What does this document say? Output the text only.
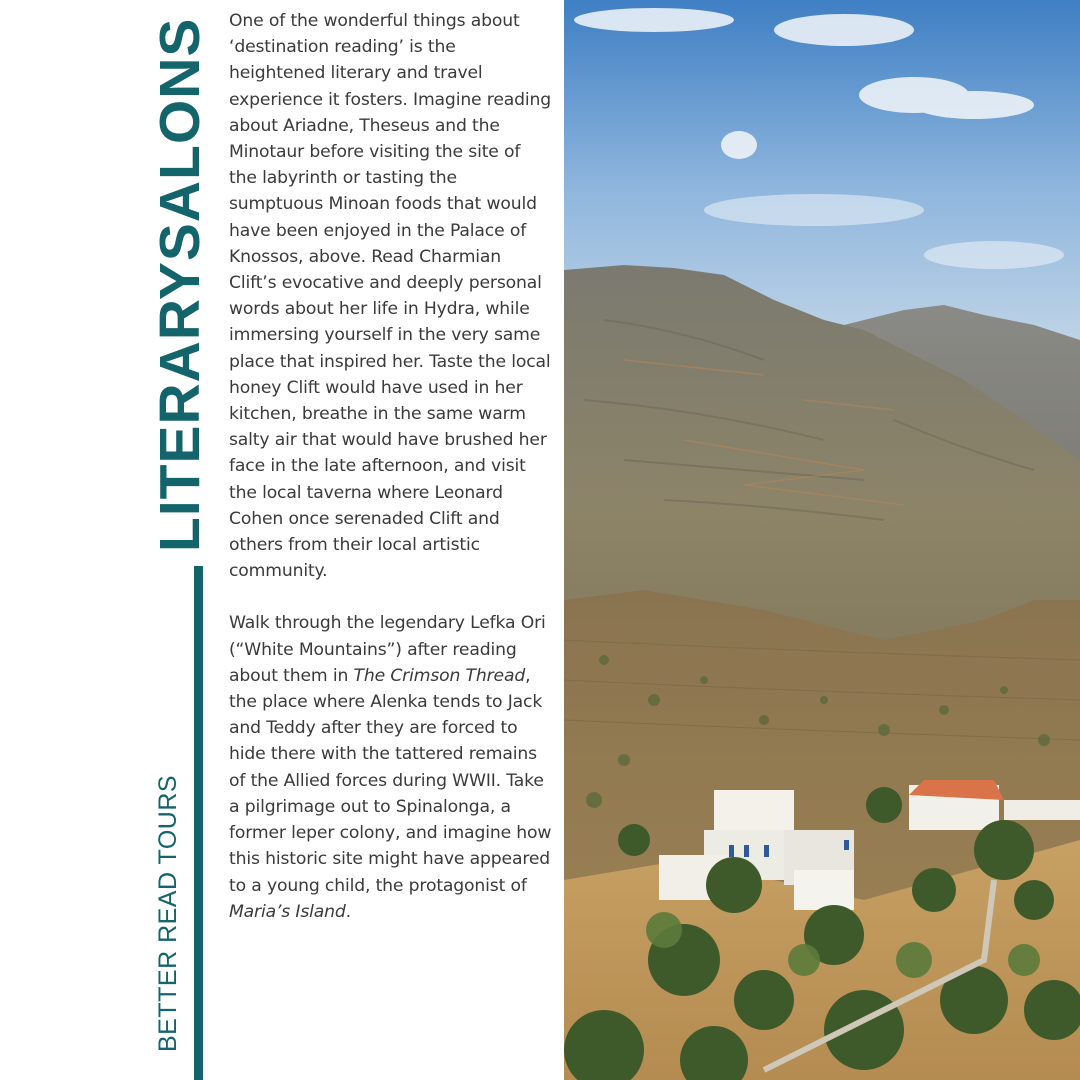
LITERARYSALONS
BETTER READ TOURS

One of the wonderful things about ‘destination reading’ is the heightened literary and travel experience it fosters. Imagine reading about Ariadne, Theseus and the Minotaur before visiting the site of the labyrinth or tasting the sumptuous Minoan foods that would have been enjoyed in the Palace of Knossos, above. Read Charmian Clift’s evocative and deeply personal words about her life in Hydra, while immersing yourself in the very same place that inspired her. Taste the local honey Clift would have used in her kitchen, breathe in the same warm salty air that would have brushed her face in the late afternoon, and visit the local taverna where Leonard Cohen once serenaded Clift and others from their local artistic community.

Walk through the legendary Lefka Ori (“White Mountains”) after reading about them in The Crimson Thread, the place where Alenka tends to Jack and Teddy after they are forced to hide there with the tattered remains of the Allied forces during WWII. Take a pilgrimage out to Spinalonga, a former leper colony, and imagine how this historic site might have appeared to a young child, the protagonist of Maria’s Island.
